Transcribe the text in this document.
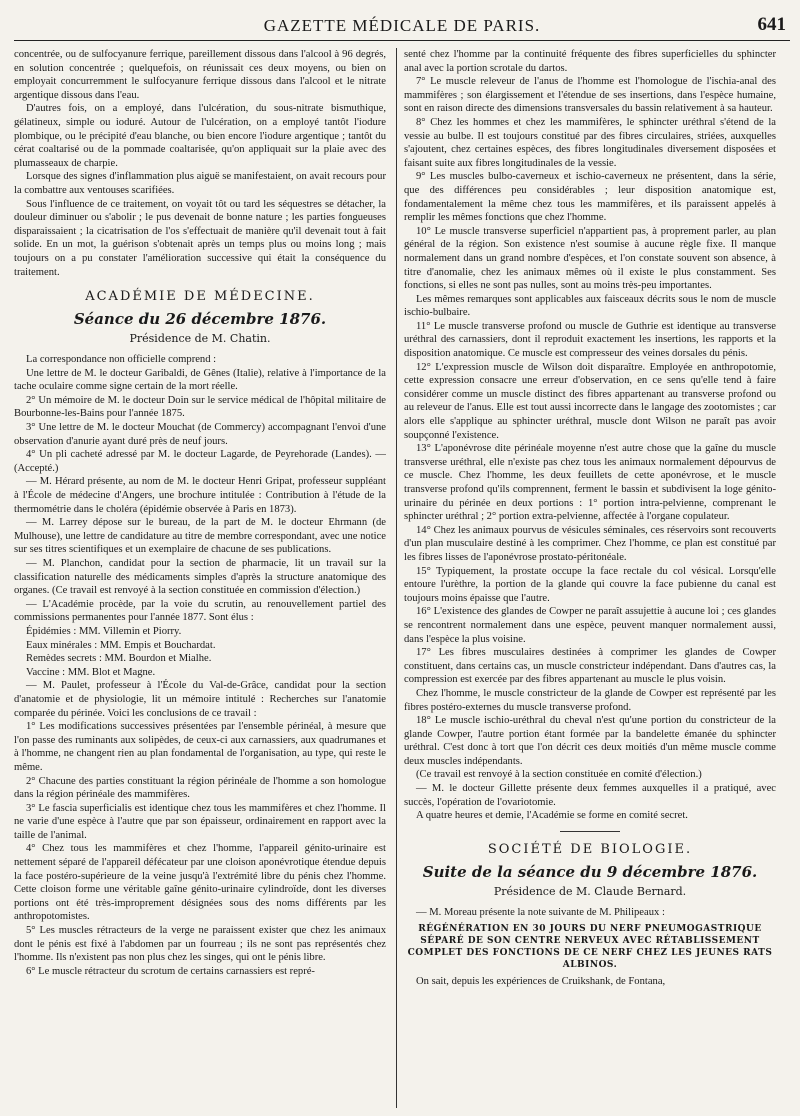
GAZETTE MÉDICALE DE PARIS.	641

concentrée, ou de sulfocyanure ferrique, pareillement dissous dans l'alcool à 96 degrés, en solution concentrée ; quelquefois, on réunissait ces deux moyens, ou bien on employait concurremment le sulfocyanure ferrique dissous dans l'alcool et le nitrate argentique dissous dans l'eau.

D'autres fois, on a employé, dans l'ulcération, du sous-nitrate bismuthique, gélatineux, simple ou ioduré. Autour de l'ulcération, on a employé tantôt l'iodure plombique, ou le précipité d'eau blanche, ou bien encore l'iodure argentique ; tantôt du cérat coaltarisé ou de la pommade coaltarisée, qu'on appliquait sur la plaie avec des plumasseaux de charpie.

Lorsque des signes d'inflammation plus aiguë se manifestaient, on avait recours pour la combattre aux ventouses scarifiées.

Sous l'influence de ce traitement, on voyait tôt ou tard les séquestres se détacher, la douleur diminuer ou s'abolir ; le pus devenait de bonne nature ; les parties fongueuses disparaissaient ; la cicatrisation de l'os s'effectuait de manière qu'il devenait tout à fait solide. En un mot, la guérison s'obtenait après un temps plus ou moins long ; mais toujours on a pu constater l'amélioration successive qui était la conséquence du traitement.

ACADÉMIE DE MÉDECINE.
Séance du 26 décembre 1876.
Présidence de M. Chatin.

La correspondance non officielle comprend :

Une lettre de M. le docteur Garibaldi, de Gênes (Italie), relative à l'importance de la tache oculaire comme signe certain de la mort réelle.

2° Un mémoire de M. le docteur Doin sur le service médical de l'hôpital militaire de Bourbonne-les-Bains pour l'année 1875.

3° Une lettre de M. le docteur Mouchat (de Commercy) accompagnant l'envoi d'une observation d'anurie ayant duré près de neuf jours.

4° Un pli cacheté adressé par M. le docteur Lagarde, de Peyrehorade (Landes). — (Accepté.)

— M. Hérard présente, au nom de M. le docteur Henri Gripat, professeur suppléant à l'École de médecine d'Angers, une brochure intitulée : Contribution à l'étude de la thermométrie dans le choléra (épidémie observée à Paris en 1873).

— M. Larrey dépose sur le bureau, de la part de M. le docteur Ehrmann (de Mulhouse), une lettre de candidature au titre de membre correspondant, avec une notice sur ses titres scientifiques et un exemplaire de chacune de ses publications.

— M. Planchon, candidat pour la section de pharmacie, lit un travail sur la classification naturelle des médicaments simples d'après la structure anatomique des organes. (Ce travail est renvoyé à la section constituée en commission d'élection.)

— L'Académie procède, par la voie du scrutin, au renouvellement partiel des commissions permanentes pour l'année 1877. Sont élus :

Épidémies : MM. Villemin et Piorry.

Eaux minérales : MM. Empis et Bouchardat.

Remèdes secrets : MM. Bourdon et Mialhe.

Vaccine : MM. Blot et Magne.

— M. Paulet, professeur à l'École du Val-de-Grâce, candidat pour la section d'anatomie et de physiologie, lit un mémoire intitulé : Recherches sur l'anatomie comparée du périnée. Voici les conclusions de ce travail :

1° Les modifications successives présentées par l'ensemble périnéal, à mesure que l'on passe des ruminants aux solipèdes, de ceux-ci aux carnassiers, aux quadrumanes et à l'homme, ne changent rien au plan fondamental de l'organisation, au type, qui reste le même.

2° Chacune des parties constituant la région périnéale de l'homme a son homologue dans la région périnéale des mammifères.

3° Le fascia superficialis est identique chez tous les mammifères et chez l'homme. Il ne varie d'une espèce à l'autre que par son épaisseur, ordinairement en rapport avec la taille de l'animal.

4° Chez tous les mammifères et chez l'homme, l'appareil génito-urinaire est nettement séparé de l'appareil défécateur par une cloison aponévrotique étendue depuis la face postéro-supérieure de la veine jusqu'à l'extrémité libre du pénis chez l'homme. Cette cloison forme une véritable gaîne génito-urinaire cylindroïde, dont les diverses portions ont été très-improprement désignées sous des noms différents par les anthropotomistes.

5° Les muscles rétracteurs de la verge ne paraissent exister que chez les animaux dont le pénis est fixé à l'abdomen par un fourreau ; ils ne sont pas représentés chez l'homme. Ils n'existent pas non plus chez les singes, qui ont le pénis libre.

6° Le muscle rétracteur du scrotum de certains carnassiers est repré-

senté chez l'homme par la continuité fréquente des fibres superficielles du sphincter anal avec la portion scrotale du dartos.

7° Le muscle releveur de l'anus de l'homme est l'homologue de l'ischia-anal des mammifères ; son élargissement et l'étendue de ses insertions, dans l'espèce humaine, sont en raison directe des dimensions transversales du bassin relativement à sa hauteur.

8° Chez les hommes et chez les mammifères, le sphincter uréthral s'étend de la vessie au bulbe. Il est toujours constitué par des fibres circulaires, striées, auxquelles s'ajoutent, chez certaines espèces, des fibres longitudinales diversement disposées et faisant suite aux fibres longitudinales de la vessie.

9° Les muscles bulbo-caverneux et ischio-caverneux ne présentent, dans la série, que des différences peu considérables ; leur disposition anatomique est, fondamentalement la même chez tous les mammifères, et ils paraissent appelés à remplir les mêmes fonctions que chez l'homme.

10° Le muscle transverse superficiel n'appartient pas, à proprement parler, au plan général de la région. Son existence n'est soumise à aucune règle fixe. Il manque normalement dans un grand nombre d'espèces, et l'on constate souvent son absence, à titre d'anomalie, chez les animaux mêmes où il existe le plus constamment. Ses fonctions, si elles ne sont pas nulles, sont au moins très-peu importantes.

Les mêmes remarques sont applicables aux faisceaux décrits sous le nom de muscle ischio-bulbaire.

11° Le muscle transverse profond ou muscle de Guthrie est identique au transverse uréthral des carnassiers, dont il reproduit exactement les insertions, les rapports et la disposition anatomique. Ce muscle est compresseur des veines dorsales du pénis.

12° L'expression muscle de Wilson doit disparaître. Employée en anthropotomie, cette expression consacre une erreur d'observation, en ce sens qu'elle tend à faire considérer comme un muscle distinct des fibres appartenant au transverse profond ou au releveur de l'anus. Elle est tout aussi incorrecte dans le langage des zootomistes ; car alors elle s'applique au sphincter uréthral, muscle dont Wilson ne paraît pas avoir soupçonné l'existence.

13° L'aponévrose dite périnéale moyenne n'est autre chose que la gaîne du muscle transverse uréthral, elle n'existe pas chez tous les animaux normalement dépourvus de ce muscle. Chez l'homme, les deux feuillets de cette aponévrose, et le muscle transverse profond qu'ils comprennent, ferment le bassin et subdivisent la loge génito-urinaire du périnée en deux portions : 1° portion intra-pelvienne, comprenant le sphincter uréthral ; 2° portion extra-pelvienne, affectée à l'organe copulateur.

14° Chez les animaux pourvus de vésicules séminales, ces réservoirs sont recouverts d'un plan musculaire destiné à les comprimer. Chez l'homme, ce plan est constitué par les fibres lisses de l'aponévrose prostato-péritonéale.

15° Typiquement, la prostate occupe la face rectale du col vésical. Lorsqu'elle entoure l'urèthre, la portion de la glande qui couvre la face pubienne du canal est toujours moins épaisse que l'autre.

16° L'existence des glandes de Cowper ne paraît assujettie à aucune loi ; ces glandes se rencontrent normalement dans une espèce, peuvent manquer normalement aussi, dans l'espèce la plus voisine.

17° Les fibres musculaires destinées à comprimer les glandes de Cowper constituent, dans certains cas, un muscle constricteur indépendant. Dans d'autres cas, la compression est exercée par des fibres appartenant au muscle le plus voisin.

Chez l'homme, le muscle constricteur de la glande de Cowper est représenté par les fibres postéro-externes du muscle transverse profond.

18° Le muscle ischio-uréthral du cheval n'est qu'une portion du constricteur de la glande Cowper, l'autre portion étant formée par la bandelette émanée du sphincter uréthral. C'est donc à tort que l'on décrit ces deux moitiés d'un même muscle comme deux muscles indépendants.

(Ce travail est renvoyé à la section constituée en comité d'élection.)

— M. le docteur Gillette présente deux femmes auxquelles il a pratiqué, avec succès, l'opération de l'ovariotomie.

A quatre heures et demie, l'Académie se forme en comité secret.

SOCIÉTÉ DE BIOLOGIE.
Suite de la séance du 9 décembre 1876.
Présidence de M. Claude Bernard.

— M. Moreau présente la note suivante de M. Philipeaux :

RÉGÉNÉRATION EN 30 JOURS DU NERF PNEUMOGASTRIQUE SÉPARÉ DE SON CENTRE NERVEUX AVEC RÉTABLISSEMENT COMPLET DES FONCTIONS DE CE NERF CHEZ LES JEUNES RATS ALBINOS.

On sait, depuis les expériences de Cruikshank, de Fontana,
